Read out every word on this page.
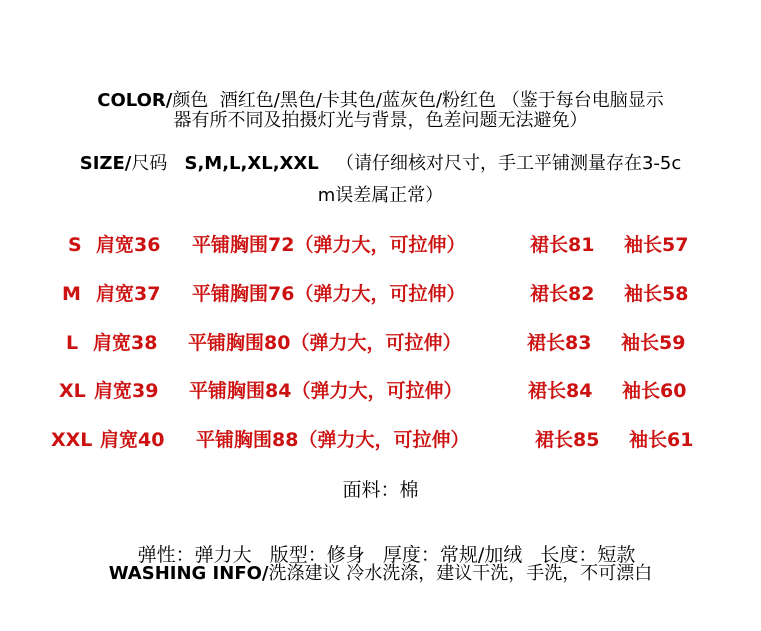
COLOR/颜色 酒红色/黑色/卡其色/蓝灰色/粉红色 （鉴于每台电脑显示
器有所不同及拍摄灯光与背景，色差问题无法避免）
SIZE/尺码 S,M,L,XL,XXL （请仔细核对尺寸，手工平铺测量存在3-5c
m误差属正常）
S 肩宽36 平铺胸围72（弹力大，可拉伸）	裙长81 袖长57
M 肩宽37 平铺胸围76（弹力大，可拉伸）	裙长82 袖长58
L 肩宽38 平铺胸围80（弹力大，可拉伸）	裙长83 袖长59
XL 肩宽39 平铺胸围84（弹力大，可拉伸）	裙长84 袖长60
XXL 肩宽40 平铺胸围88（弹力大，可拉伸）	裙长85 袖长61
面料：棉

弹性：弹力大   版型：修身   厚度：常规/加绒   长度：短款

WASHING INFO/洗涤建议 冷水洗涤，建议干洗，手洗，不可漂白
